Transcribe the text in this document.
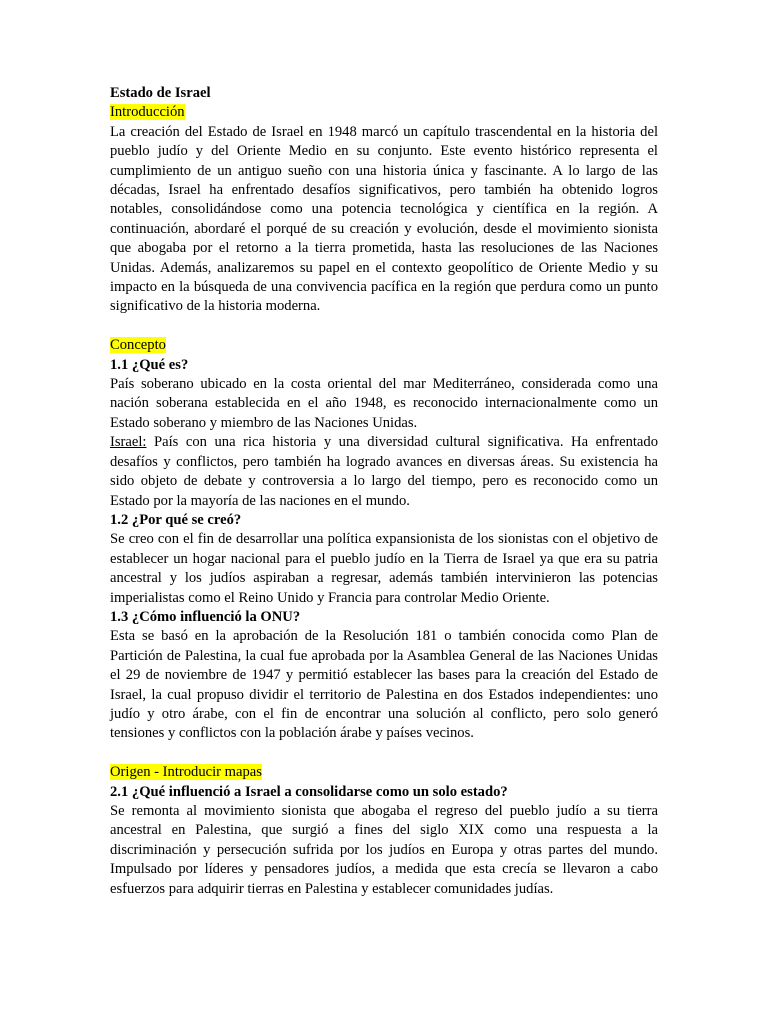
Estado de Israel

Introducción

La creación del Estado de Israel en 1948 marcó un capítulo trascendental en la historia del pueblo judío y del Oriente Medio en su conjunto. Este evento histórico representa el cumplimiento de un antiguo sueño con una historia única y fascinante. A lo largo de las décadas, Israel ha enfrentado desafíos significativos, pero también ha obtenido logros notables, consolidándose como una potencia tecnológica y científica en la región. A continuación, abordaré el porqué de su creación y evolución, desde el movimiento sionista que abogaba por el retorno a la tierra prometida, hasta las resoluciones de las Naciones Unidas. Además, analizaremos su papel en el contexto geopolítico de Oriente Medio y su impacto en la búsqueda de una convivencia pacífica en la región que perdura como un punto significativo de la historia moderna.

Concepto

1.1 ¿Qué es?

País soberano ubicado en la costa oriental del mar Mediterráneo, considerada como una nación soberana establecida en el año 1948, es reconocido internacionalmente como un Estado soberano y miembro de las Naciones Unidas.

Israel: País con una rica historia y una diversidad cultural significativa. Ha enfrentado desafíos y conflictos, pero también ha logrado avances en diversas áreas. Su existencia ha sido objeto de debate y controversia a lo largo del tiempo, pero es reconocido como un Estado por la mayoría de las naciones en el mundo.

1.2 ¿Por qué se creó?

Se creo con el fin de desarrollar una política expansionista de los sionistas con el objetivo de establecer un hogar nacional para el pueblo judío en la Tierra de Israel ya que era su patria ancestral y los judíos aspiraban a regresar, además también intervinieron las potencias imperialistas como el Reino Unido y Francia para controlar Medio Oriente.

1.3 ¿Cómo influenció la ONU?

Esta se basó en la aprobación de la Resolución 181 o también conocida como Plan de Partición de Palestina, la cual fue aprobada por la Asamblea General de las Naciones Unidas el 29 de noviembre de 1947 y permitió establecer las bases para la creación del Estado de Israel, la cual propuso dividir el territorio de Palestina en dos Estados independientes: uno judío y otro árabe, con el fin de encontrar una solución al conflicto, pero solo generó tensiones y conflictos con la población árabe y países vecinos.

Origen - Introducir mapas

2.1 ¿Qué influenció a Israel a consolidarse como un solo estado?

Se remonta al movimiento sionista que abogaba el regreso del pueblo judío a su tierra ancestral en Palestina, que surgió a fines del siglo XIX como una respuesta a la discriminación y persecución sufrida por los judíos en Europa y otras partes del mundo. Impulsado por líderes y pensadores judíos, a medida que esta crecía se llevaron a cabo esfuerzos para adquirir tierras en Palestina y establecer comunidades judías.
